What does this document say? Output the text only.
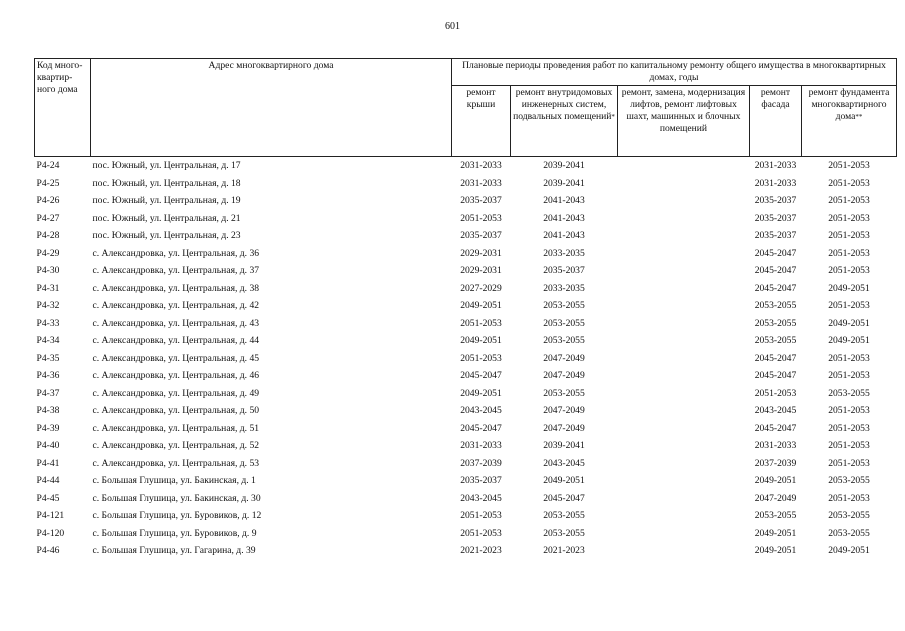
601
Код много-квартир-ного дома	Адрес многоквартирного дома	Плановые периоды проведения работ по капитальному ремонту общего имущества в многоквартирных домах, годы				
		ремонт крыши	ремонт внутридомовых инженерных систем, подвальных помещений*	ремонт, замена, модернизация лифтов, ремонт лифтовых шахт, машинных и блочных помещений	ремонт фасада	ремонт фундамента многоквартирного дома**
Р4-24	пос. Южный, ул. Центральная, д. 17	2031-2033	2039-2041		2031-2033	2051-2053
Р4-25	пос. Южный, ул. Центральная, д. 18	2031-2033	2039-2041		2031-2033	2051-2053
Р4-26	пос. Южный, ул. Центральная, д. 19	2035-2037	2041-2043		2035-2037	2051-2053
Р4-27	пос. Южный, ул. Центральная, д. 21	2051-2053	2041-2043		2035-2037	2051-2053
Р4-28	пос. Южный, ул. Центральная, д. 23	2035-2037	2041-2043		2035-2037	2051-2053
Р4-29	с. Александровка, ул. Центральная, д. 36	2029-2031	2033-2035		2045-2047	2051-2053
Р4-30	с. Александровка, ул. Центральная, д. 37	2029-2031	2035-2037		2045-2047	2051-2053
Р4-31	с. Александровка, ул. Центральная, д. 38	2027-2029	2033-2035		2045-2047	2049-2051
Р4-32	с. Александровка, ул. Центральная, д. 42	2049-2051	2053-2055		2053-2055	2051-2053
Р4-33	с. Александровка, ул. Центральная, д. 43	2051-2053	2053-2055		2053-2055	2049-2051
Р4-34	с. Александровка, ул. Центральная, д. 44	2049-2051	2053-2055		2053-2055	2049-2051
Р4-35	с. Александровка, ул. Центральная, д. 45	2051-2053	2047-2049		2045-2047	2051-2053
Р4-36	с. Александровка, ул. Центральная, д. 46	2045-2047	2047-2049		2045-2047	2051-2053
Р4-37	с. Александровка, ул. Центральная, д. 49	2049-2051	2053-2055		2051-2053	2053-2055
Р4-38	с. Александровка, ул. Центральная, д. 50	2043-2045	2047-2049		2043-2045	2051-2053
Р4-39	с. Александровка, ул. Центральная, д. 51	2045-2047	2047-2049		2045-2047	2051-2053
Р4-40	с. Александровка, ул. Центральная, д. 52	2031-2033	2039-2041		2031-2033	2051-2053
Р4-41	с. Александровка, ул. Центральная, д. 53	2037-2039	2043-2045		2037-2039	2051-2053
Р4-44	с. Большая Глушица, ул. Бакинская, д. 1	2035-2037	2049-2051		2049-2051	2053-2055
Р4-45	с. Большая Глушица, ул. Бакинская, д. 30	2043-2045	2045-2047		2047-2049	2051-2053
Р4-121	с. Большая Глушица, ул. Буровиков, д. 12	2051-2053	2053-2055		2053-2055	2053-2055
Р4-120	с. Большая Глушица, ул. Буровиков, д. 9	2051-2053	2053-2055		2049-2051	2053-2055
Р4-46	с. Большая Глушица, ул. Гагарина, д. 39	2021-2023	2021-2023		2049-2051	2049-2051
